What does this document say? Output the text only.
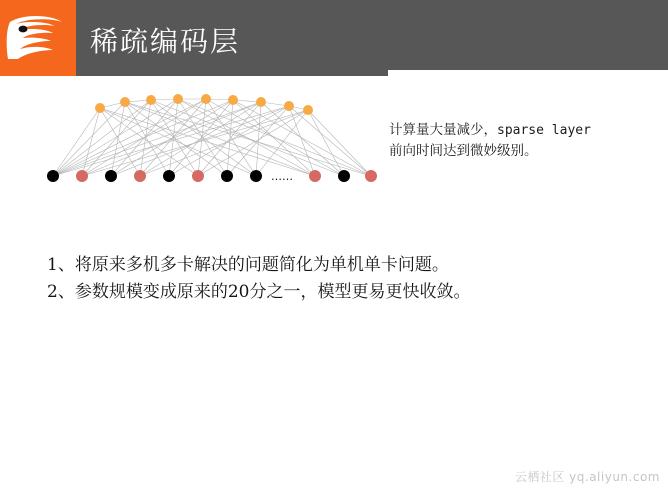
稀疏编码层
……
计算量大量减少，sparse layer
前向时间达到微妙级别。
1、将原来多机多卡解决的问题简化为单机单卡问题。
2、参数规模变成原来的20分之一，模型更易更快收敛。
云栖社区 yq.aliyun.com
